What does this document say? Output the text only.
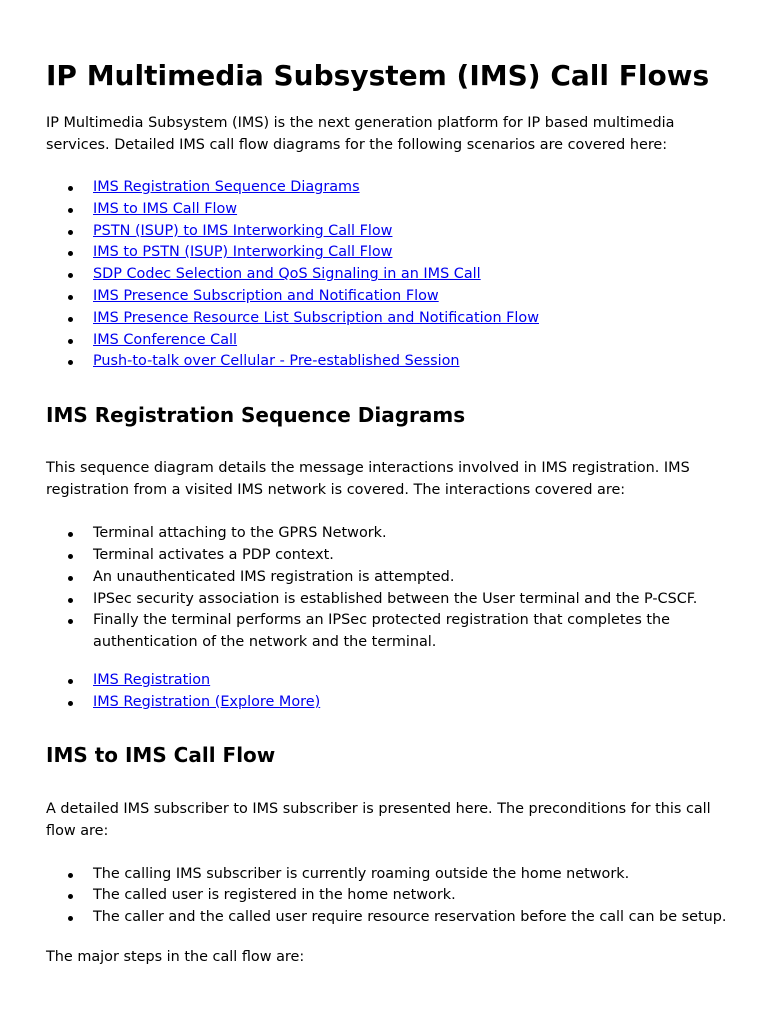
IP Multimedia Subsystem (IMS) Call Flows

IP Multimedia Subsystem (IMS) is the next generation platform for IP based multimedia services. Detailed IMS call flow diagrams for the following scenarios are covered here:

IMS Registration Sequence Diagrams
IMS to IMS Call Flow
PSTN (ISUP) to IMS Interworking Call Flow
IMS to PSTN (ISUP) Interworking Call Flow
SDP Codec Selection and QoS Signaling in an IMS Call
IMS Presence Subscription and Notification Flow
IMS Presence Resource List Subscription and Notification Flow
IMS Conference Call
Push-to-talk over Cellular - Pre-established Session
IMS Registration Sequence Diagrams

This sequence diagram details the message interactions involved in IMS registration. IMS registration from a visited IMS network is covered. The interactions covered are:

Terminal attaching to the GPRS Network.
Terminal activates a PDP context.
An unauthenticated IMS registration is attempted.
IPSec security association is established between the User terminal and the P-CSCF.
Finally the terminal performs an IPSec protected registration that completes the authentication of the network and the terminal.
IMS Registration
IMS Registration (Explore More)
IMS to IMS Call Flow

A detailed IMS subscriber to IMS subscriber is presented here. The preconditions for this call flow are:

The calling IMS subscriber is currently roaming outside the home network.
The called user is registered in the home network.
The caller and the called user require resource reservation before the call can be setup.

The major steps in the call flow are:
